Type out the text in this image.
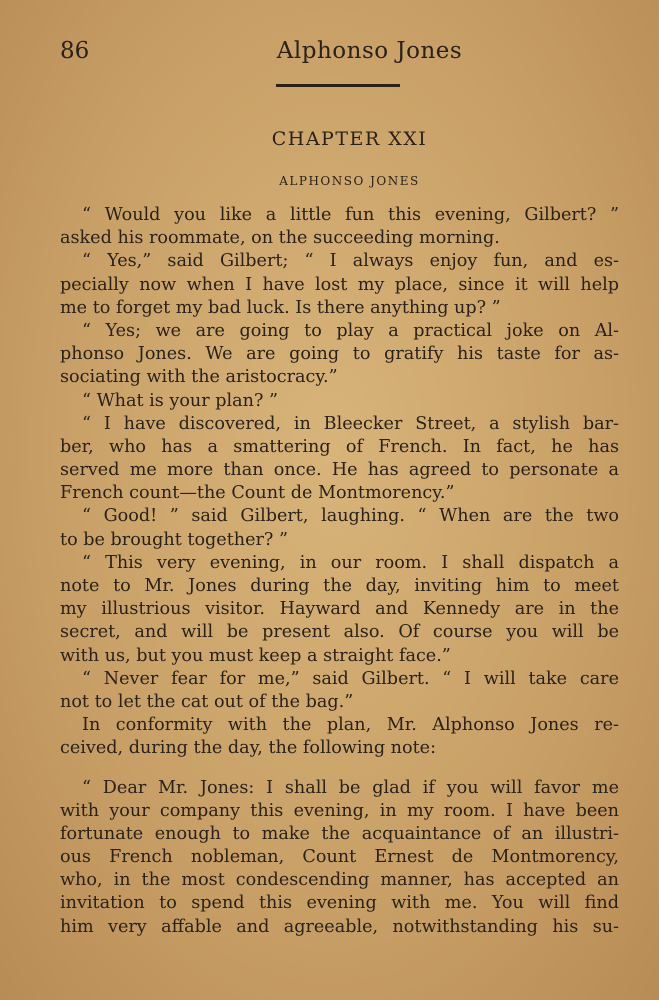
86	Alphonso Jones
CHAPTER XXI
ALPHONSO JONES
“ Would you like a little fun this evening, Gilbert? ”
asked his roommate, on the succeeding morning.
“ Yes,” said Gilbert; “ I always enjoy fun, and es-
pecially now when I have lost my place, since it will help
me to forget my bad luck. Is there anything up? ”
“ Yes; we are going to play a practical joke on Al-
phonso Jones. We are going to gratify his taste for as-
sociating with the aristocracy.”
“ What is your plan? ”
“ I have discovered, in Bleecker Street, a stylish bar-
ber, who has a smattering of French. In fact, he has
served me more than once. He has agreed to personate a
French count—the Count de Montmorency.”
“ Good! ” said Gilbert, laughing. “ When are the two
to be brought together? ”
“ This very evening, in our room. I shall dispatch a
note to Mr. Jones during the day, inviting him to meet
my illustrious visitor. Hayward and Kennedy are in the
secret, and will be present also. Of course you will be
with us, but you must keep a straight face.”
“ Never fear for me,” said Gilbert. “ I will take care
not to let the cat out of the bag.”
In conformity with the plan, Mr. Alphonso Jones re-
ceived, during the day, the following note:
“ Dear Mr. Jones: I shall be glad if you will favor me
with your company this evening, in my room. I have been
fortunate enough to make the acquaintance of an illustri-
ous French nobleman, Count Ernest de Montmorency,
who, in the most condescending manner, has accepted an
invitation to spend this evening with me. You will find
him very affable and agreeable, notwithstanding his su-
